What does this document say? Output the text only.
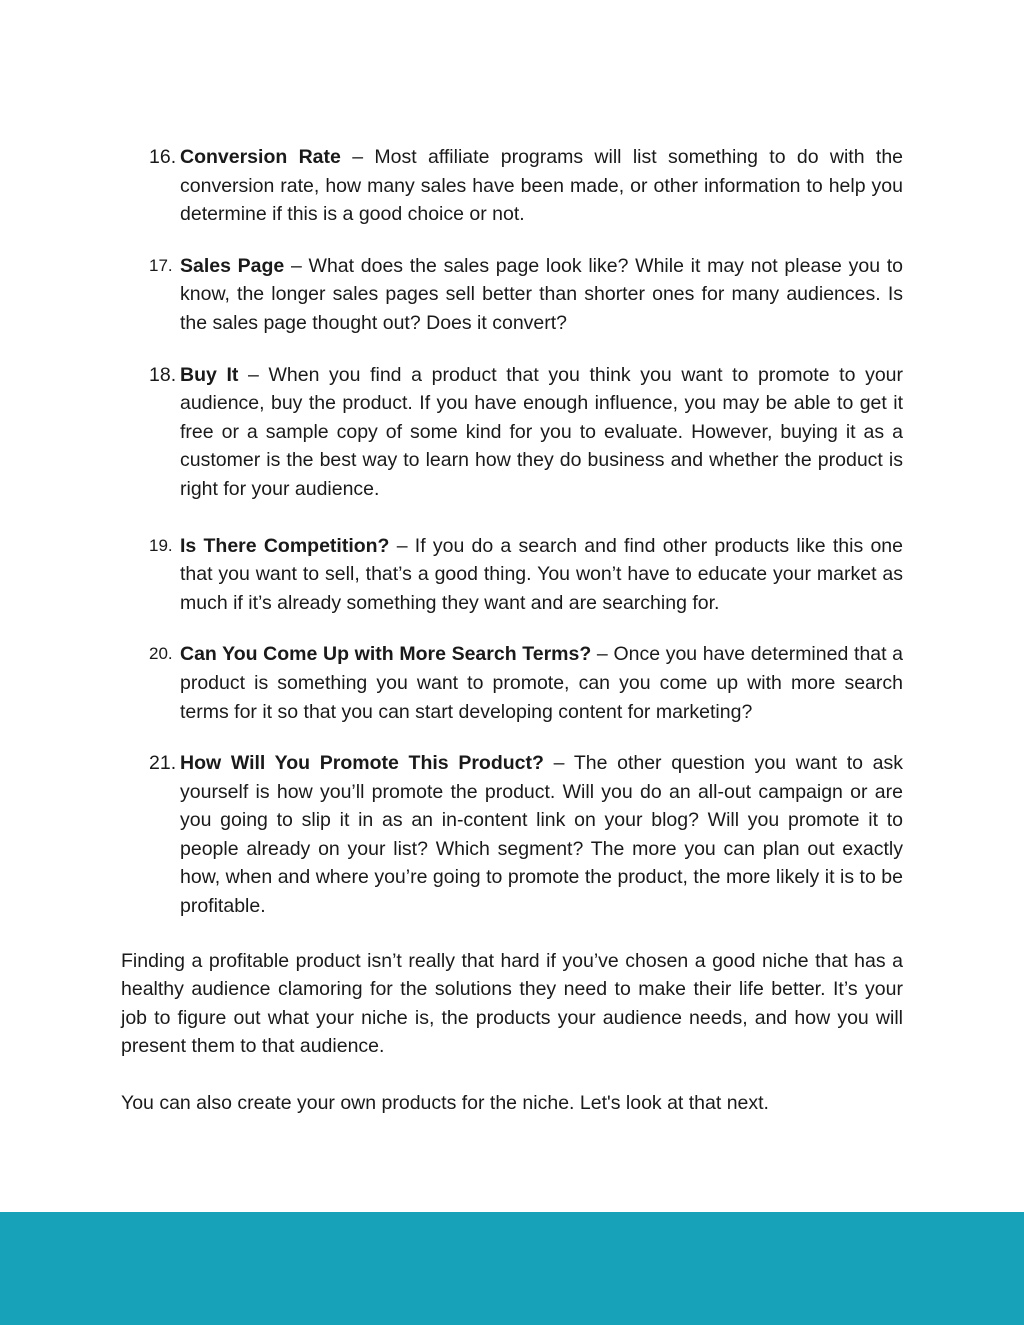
16. Conversion Rate – Most affiliate programs will list something to do with the conversion rate, how many sales have been made, or other information to help you determine if this is a good choice or not.
17. Sales Page – What does the sales page look like? While it may not please you to know, the longer sales pages sell better than shorter ones for many audiences. Is the sales page thought out? Does it convert?
18. Buy It – When you find a product that you think you want to promote to your audience, buy the product. If you have enough influence, you may be able to get it free or a sample copy of some kind for you to evaluate. However, buying it as a customer is the best way to learn how they do business and whether the product is right for your audience.
19. Is There Competition? – If you do a search and find other products like this one that you want to sell, that’s a good thing. You won’t have to educate your market as much if it’s already something they want and are searching for.
20. Can You Come Up with More Search Terms? – Once you have determined that a product is something you want to promote, can you come up with more search terms for it so that you can start developing content for marketing?
21. How Will You Promote This Product? – The other question you want to ask yourself is how you’ll promote the product. Will you do an all-out campaign or are you going to slip it in as an in-content link on your blog? Will you promote it to people already on your list? Which segment? The more you can plan out exactly how, when and where you’re going to promote the product, the more likely it is to be profitable.

Finding a profitable product isn’t really that hard if you’ve chosen a good niche that has a healthy audience clamoring for the solutions they need to make their life better. It’s your job to figure out what your niche is, the products your audience needs, and how you will present them to that audience.

You can also create your own products for the niche. Let's look at that next.
